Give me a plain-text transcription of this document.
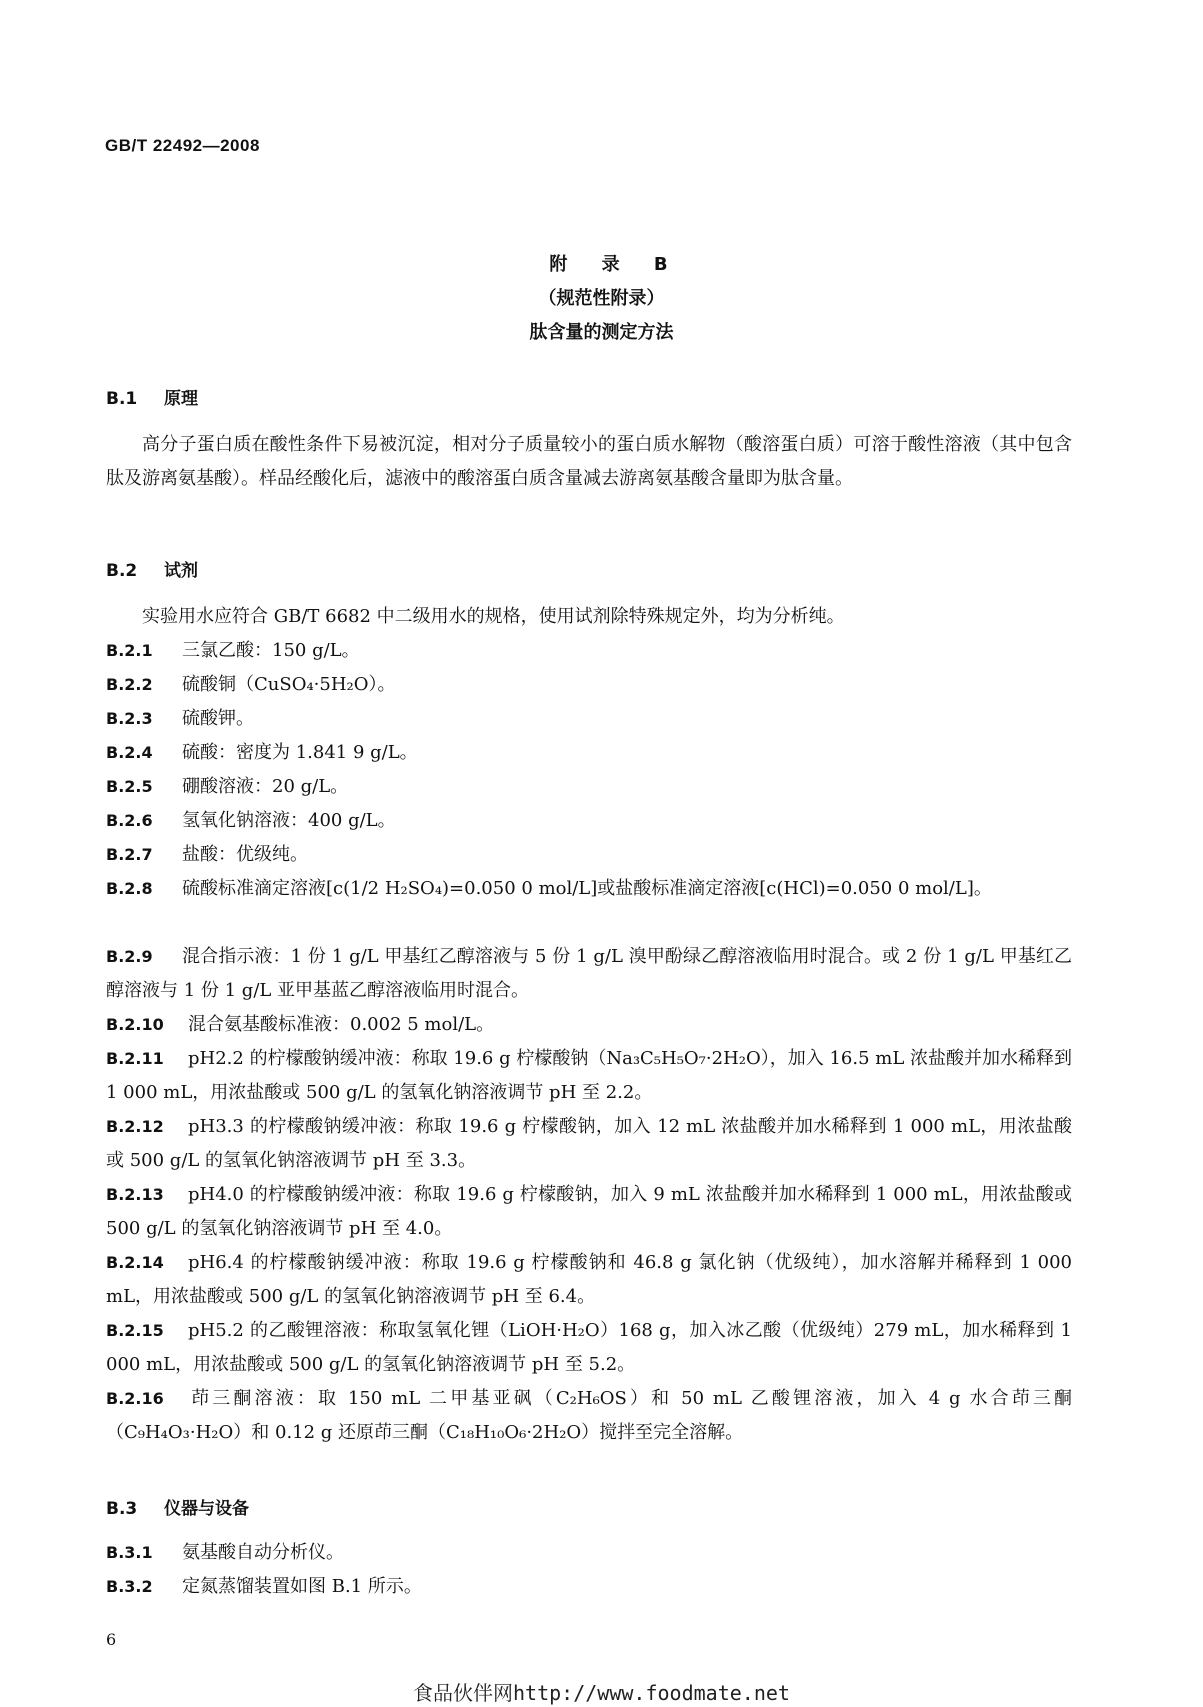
GB/T 22492—2008
附 录 B
（规范性附录）
肽含量的测定方法
B.1 原理
高分子蛋白质在酸性条件下易被沉淀，相对分子质量较小的蛋白质水解物（酸溶蛋白质）可溶于酸性溶液（其中包含肽及游离氨基酸）。样品经酸化后，滤液中的酸溶蛋白质含量减去游离氨基酸含量即为肽含量。
B.2 试剂
实验用水应符合 GB/T 6682 中二级用水的规格，使用试剂除特殊规定外，均为分析纯。
B.2.1 三氯乙酸：150 g/L。
B.2.2 硫酸铜（CuSO₄·5H₂O）。
B.2.3 硫酸钾。
B.2.4 硫酸：密度为 1.841 9 g/L。
B.2.5 硼酸溶液：20 g/L。
B.2.6 氢氧化钠溶液：400 g/L。
B.2.7 盐酸：优级纯。
B.2.8 硫酸标准滴定溶液[c(1/2 H₂SO₄)=0.050 0 mol/L]或盐酸标准滴定溶液[c(HCl)=0.050 0 mol/L]。
B.2.9 混合指示液：1 份 1 g/L 甲基红乙醇溶液与 5 份 1 g/L 溴甲酚绿乙醇溶液临用时混合。或 2 份 1 g/L 甲基红乙醇溶液与 1 份 1 g/L 亚甲基蓝乙醇溶液临用时混合。
B.2.10 混合氨基酸标准液：0.002 5 mol/L。
B.2.11 pH2.2 的柠檬酸钠缓冲液：称取 19.6 g 柠檬酸钠（Na₃C₅H₅O₇·2H₂O），加入 16.5 mL 浓盐酸并加水稀释到 1 000 mL，用浓盐酸或 500 g/L 的氢氧化钠溶液调节 pH 至 2.2。
B.2.12 pH3.3 的柠檬酸钠缓冲液：称取 19.6 g 柠檬酸钠，加入 12 mL 浓盐酸并加水稀释到 1 000 mL，用浓盐酸或 500 g/L 的氢氧化钠溶液调节 pH 至 3.3。
B.2.13 pH4.0 的柠檬酸钠缓冲液：称取 19.6 g 柠檬酸钠，加入 9 mL 浓盐酸并加水稀释到 1 000 mL，用浓盐酸或 500 g/L 的氢氧化钠溶液调节 pH 至 4.0。
B.2.14 pH6.4 的柠檬酸钠缓冲液：称取 19.6 g 柠檬酸钠和 46.8 g 氯化钠（优级纯），加水溶解并稀释到 1 000 mL，用浓盐酸或 500 g/L 的氢氧化钠溶液调节 pH 至 6.4。
B.2.15 pH5.2 的乙酸锂溶液：称取氢氧化锂（LiOH·H₂O）168 g，加入冰乙酸（优级纯）279 mL，加水稀释到 1 000 mL，用浓盐酸或 500 g/L 的氢氧化钠溶液调节 pH 至 5.2。
B.2.16 茚三酮溶液：取 150 mL 二甲基亚砜（C₂H₆OS）和 50 mL 乙酸锂溶液，加入 4 g 水合茚三酮（C₉H₄O₃·H₂O）和 0.12 g 还原茚三酮（C₁₈H₁₀O₆·2H₂O）搅拌至完全溶解。
B.3 仪器与设备
B.3.1 氨基酸自动分析仪。
B.3.2 定氮蒸馏装置如图 B.1 所示。
6
食品伙伴网http://www.foodmate.net
